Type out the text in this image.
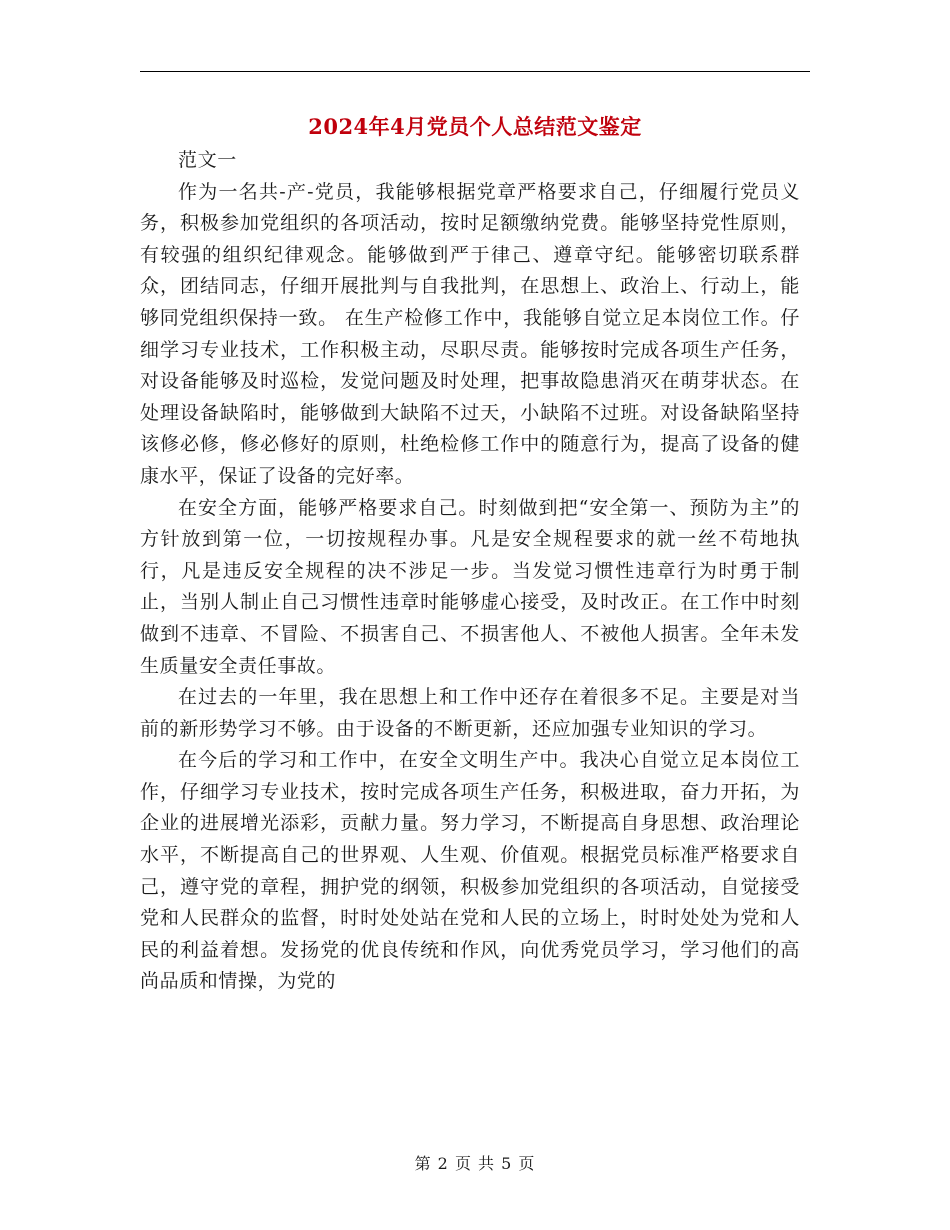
2024年4月党员个人总结范文鉴定

范文一

作为一名共-产-党员，我能够根据党章严格要求自己，仔细履行党员义务，积极参加党组织的各项活动，按时足额缴纳党费。能够坚持党性原则，有较强的组织纪律观念。能够做到严于律己、遵章守纪。能够密切联系群众，团结同志，仔细开展批判与自我批判，在思想上、政治上、行动上，能够同党组织保持一致。 在生产检修工作中，我能够自觉立足本岗位工作。仔细学习专业技术，工作积极主动，尽职尽责。能够按时完成各项生产任务，对设备能够及时巡检，发觉问题及时处理，把事故隐患消灭在萌芽状态。在处理设备缺陷时，能够做到大缺陷不过天，小缺陷不过班。对设备缺陷坚持该修必修，修必修好的原则，杜绝检修工作中的随意行为，提高了设备的健康水平，保证了设备的完好率。

在安全方面，能够严格要求自己。时刻做到把“安全第一、预防为主”的方针放到第一位，一切按规程办事。凡是安全规程要求的就一丝不苟地执行，凡是违反安全规程的决不涉足一步。当发觉习惯性违章行为时勇于制止，当别人制止自己习惯性违章时能够虚心接受，及时改正。在工作中时刻做到不违章、不冒险、不损害自己、不损害他人、不被他人损害。全年未发生质量安全责任事故。

在过去的一年里，我在思想上和工作中还存在着很多不足。主要是对当前的新形势学习不够。由于设备的不断更新，还应加强专业知识的学习。

在今后的学习和工作中，在安全文明生产中。我决心自觉立足本岗位工作，仔细学习专业技术，按时完成各项生产任务，积极进取，奋力开拓，为企业的进展增光添彩，贡献力量。努力学习，不断提高自身思想、政治理论水平，不断提高自己的世界观、人生观、价值观。根据党员标准严格要求自己，遵守党的章程，拥护党的纲领，积极参加党组织的各项活动，自觉接受党和人民群众的监督，时时处处站在党和人民的立场上，时时处处为党和人民的利益着想。发扬党的优良传统和作风，向优秀党员学习，学习他们的高尚品质和情操，为党的

第 2 页 共 5 页
